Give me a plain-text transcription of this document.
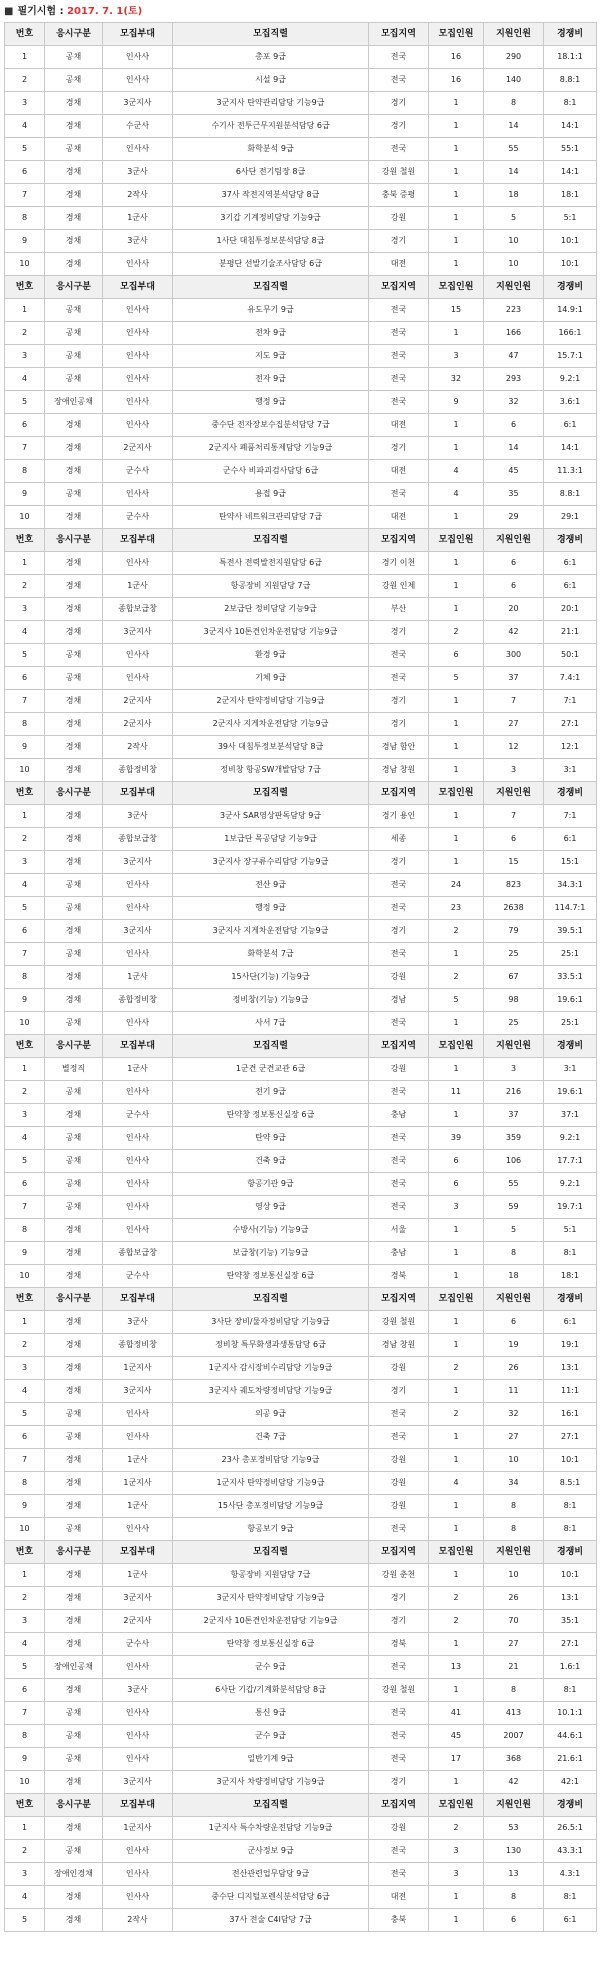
■ 필기시험 : 2017. 7. 1(토)
번호	응시구분	모집부대	모집직렬	모집지역	모집인원	지원인원	경쟁비
1	공채	인사사	총포 9급	전국	16	290	18.1:1
2	공채	인사사	시설 9급	전국	16	140	8.8:1
3	경채	3군지사	3군지사 탄약관리담당 기능9급	경기	1	8	8:1
4	경채	수군사	수기사 전투근무지원분석담당 6급	경기	1	14	14:1
5	공채	인사사	화학분석 9급	전국	1	55	55:1
6	경채	3군사	6사단 전기팀장 8급	강원 철원	1	14	14:1
7	경채	2작사	37사 작전지역분석담당 8급	충북 증평	1	18	18:1
8	경채	1군사	3기갑 기계정비담당 기능9급	강원	1	5	5:1
9	경채	3군사	1사단 대침투정보분석담당 8급	경기	1	10	10:1
10	경채	인사사	분평단 선발기술조사담당 6급	대전	1	10	10:1
번호	응시구분	모집부대	모집직렬	모집지역	모집인원	지원인원	경쟁비
1	공채	인사사	유도무기 9급	전국	15	223	14.9:1
2	공채	인사사	전차 9급	전국	1	166	166:1
3	공채	인사사	지도 9급	전국	3	47	15.7:1
4	공채	인사사	전자 9급	전국	32	293	9.2:1
5	장애인공채	인사사	행정 9급	전국	9	32	3.6:1
6	경채	인사사	중수단 전자장보수집분석담당 7급	대전	1	6	6:1
7	경채	2군지사	2군지사 폐품처리통제담당 기능9급	경기	1	14	14:1
8	경채	군수사	군수사 비파괴검사담당 6급	대전	4	45	11.3:1
9	공채	인사사	용접 9급	전국	4	35	8.8:1
10	경채	군수사	탄약사 네트워크관리담당 7급	대전	1	29	29:1
번호	응시구분	모집부대	모집직렬	모집지역	모집인원	지원인원	경쟁비
1	경채	인사사	특전사 전력발전지원담당 6급	경기 이천	1	6	6:1
2	경채	1군사	항공장비 지원담당 7급	강원 인제	1	6	6:1
3	경채	종합보급창	2보급단 정비담당 기능9급	부산	1	20	20:1
4	경채	3군지사	3군지사 10톤견인차운전담당 기능9급	경기	2	42	21:1
5	공채	인사사	환경 9급	전국	6	300	50:1
6	공채	인사사	기체 9급	전국	5	37	7.4:1
7	경채	2군지사	2군지사 탄약정비담당 기능9급	경기	1	7	7:1
8	경채	2군지사	2군지사 지게차운전담당 기능9급	경기	1	27	27:1
9	경채	2작사	39사 대침투정보분석담당 8급	경남 함안	1	12	12:1
10	경채	종합정비창	정비창 항공SW개발담당 7급	경남 창원	1	3	3:1
번호	응시구분	모집부대	모집직렬	모집지역	모집인원	지원인원	경쟁비
1	경채	3군사	3군사 SAR영상판독담당 9급	경기 용인	1	7	7:1
2	경채	종합보급창	1보급단 목공담당 기능9급	세종	1	6	6:1
3	경채	3군지사	3군지사 장구류수리담당 기능9급	경기	1	15	15:1
4	공채	인사사	전산 9급	전국	24	823	34.3:1
5	공채	인사사	행정 9급	전국	23	2638	114.7:1
6	경채	3군지사	3군지사 지게차운전담당 기능9급	경기	2	79	39.5:1
7	공채	인사사	화학분석 7급	전국	1	25	25:1
8	경채	1군사	15사단(기능) 기능9급	강원	2	67	33.5:1
9	경채	종합정비창	정비창(기능) 기능9급	경남	5	98	19.6:1
10	공채	인사사	사서 7급	전국	1	25	25:1
번호	응시구분	모집부대	모집직렬	모집지역	모집인원	지원인원	경쟁비
1	별정직	1군사	1군견 군견교관 6급	강원	1	3	3:1
2	공채	인사사	전기 9급	전국	11	216	19.6:1
3	경채	군수사	탄약창 정보통신실장 6급	충남	1	37	37:1
4	공채	인사사	탄약 9급	전국	39	359	9.2:1
5	공채	인사사	건축 9급	전국	6	106	17.7:1
6	공채	인사사	항공기관 9급	전국	6	55	9.2:1
7	공채	인사사	영상 9급	전국	3	59	19.7:1
8	경채	인사사	수방사(기능) 기능9급	서울	1	5	5:1
9	경채	종합보급창	보급창(기능) 기능9급	충남	1	8	8:1
10	경채	군수사	탄약창 정보통신실장 6급	경북	1	18	18:1
번호	응시구분	모집부대	모집직렬	모집지역	모집인원	지원인원	경쟁비
1	경채	3군사	3사단 장비/물자정비담당 기능9급	강원 철원	1	6	6:1
2	경채	종합정비창	정비창 특무화생과생통담당 6급	경남 창원	1	19	19:1
3	경채	1군지사	1군지사 감시장비수리담당 기능9급	강원	2	26	13:1
4	경채	3군지사	3군지사 궤도차량정비담당 기능9급	경기	1	11	11:1
5	공채	인사사	의공 9급	전국	2	32	16:1
6	공채	인사사	건축 7급	전국	1	27	27:1
7	경채	1군사	23사 총포정비담당 기능9급	강원	1	10	10:1
8	경채	1군지사	1군지사 탄약정비담당 기능9급	강원	4	34	8.5:1
9	경채	1군사	15사단 총포정비담당 기능9급	강원	1	8	8:1
10	공채	인사사	항공보기 9급	전국	1	8	8:1
번호	응시구분	모집부대	모집직렬	모집지역	모집인원	지원인원	경쟁비
1	경채	1군사	항공장비 지원담당 7급	강원 춘천	1	10	10:1
2	경채	3군지사	3군지사 탄약정비담당 기능9급	경기	2	26	13:1
3	경채	2군지사	2군지사 10톤견인차운전담당 기능9급	경기	2	70	35:1
4	경채	군수사	탄약창 정보통신실장 6급	경북	1	27	27:1
5	장애인공채	인사사	군수 9급	전국	13	21	1.6:1
6	경채	3군사	6사단 기갑/기계화분석담당 8급	강원 철원	1	8	8:1
7	공채	인사사	통신 9급	전국	41	413	10.1:1
8	공채	인사사	군수 9급	전국	45	2007	44.6:1
9	공채	인사사	일반기계 9급	전국	17	368	21.6:1
10	경채	3군지사	3군지사 차량정비담당 기능9급	경기	1	42	42:1
번호	응시구분	모집부대	모집직렬	모집지역	모집인원	지원인원	경쟁비
1	경채	1군지사	1군지사 특수차량운전담당 기능9급	강원	2	53	26.5:1
2	공채	인사사	군사정보 9급	전국	3	130	43.3:1
3	장애인경채	인사사	전산관련업무담당 9급	전국	3	13	4.3:1
4	경채	인사사	중수단 디지털포렌식분석담당 6급	대전	1	8	8:1
5	경채	2작사	37사 전술 C4I담당 7급	충북	1	6	6:1
